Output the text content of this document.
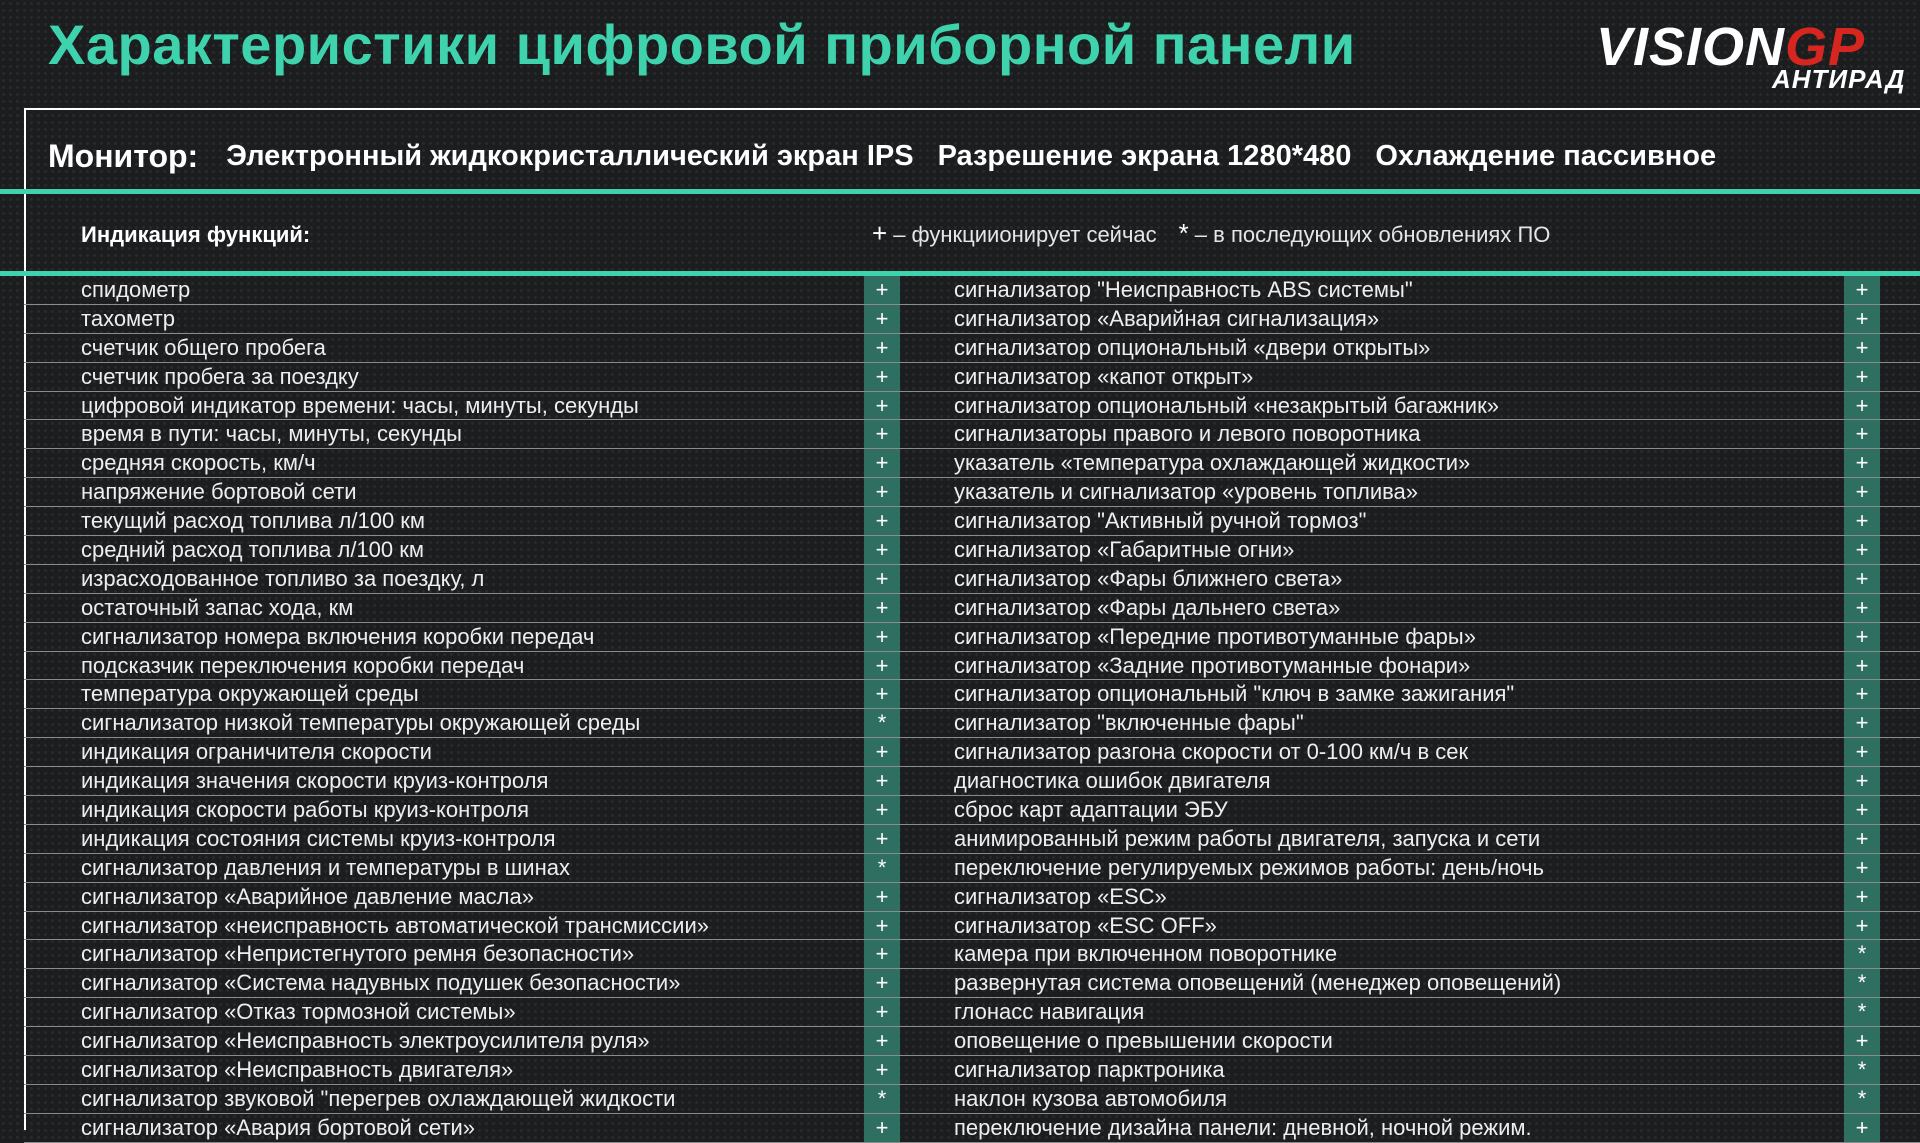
Характеристики цифровой приборной панели	VISIONGP
АНТИРАД
Монитор: Электронный жидкокристаллический экран IPS Разрешение экрана 1280*480 Охлаждение пассивное
Индикация функций:	+ – функциионирует сейчас * – в последующих обновлениях ПО
спидометр	+	сигнализатор "Неисправность ABS системы"	+
тахометр	+	сигнализатор «Аварийная сигнализация»	+
счетчик общего пробега	+	сигнализатор опциональный «двери открыты»	+
счетчик пробега за поездку	+	сигнализатор «капот открыт»	+
цифровой индикатор времени: часы, минуты, секунды	+	сигнализатор опциональный «незакрытый багажник»	+
время в пути: часы, минуты, секунды	+	сигнализаторы правого и левого поворотника	+
средняя скорость, км/ч	+	указатель «температура охлаждающей жидкости»	+
напряжение бортовой сети	+	указатель и сигнализатор «уровень топлива»	+
текущий расход топлива л/100 км	+	сигнализатор "Активный ручной тормоз"	+
средний расход топлива л/100 км	+	сигнализатор «Габаритные огни»	+
израсходованное топливо за поездку, л	+	сигнализатор «Фары ближнего света»	+
остаточный запас хода, км	+	сигнализатор «Фары дальнего света»	+
сигнализатор номера включения коробки передач	+	сигнализатор «Передние противотуманные фары»	+
подсказчик переключения коробки передач	+	сигнализатор «Задние противотуманные фонари»	+
температура окружающей среды	+	сигнализатор опциональный "ключ в замке зажигания"	+
сигнализатор низкой температуры окружающей среды	*	сигнализатор "включенные фары"	+
индикация ограничителя скорости	+	сигнализатор разгона скорости от 0-100 км/ч в сек	+
индикация значения скорости круиз-контроля	+	диагностика ошибок двигателя	+
индикация скорости работы круиз-контроля	+	сброс карт адаптации ЭБУ	+
индикация состояния системы круиз-контроля	+	анимированный режим работы двигателя, запуска и сети	+
сигнализатор давления и температуры в шинах	*	переключение регулируемых режимов работы: день/ночь	+
сигнализатор «Аварийное давление масла»	+	сигнализатор «ESC»	+
сигнализатор «неисправность автоматической трансмиссии»	+	сигнализатор «ESC OFF»	+
сигнализатор «Непристегнутого ремня безопасности»	+	камера при включенном поворотнике	*
сигнализатор «Система надувных подушек безопасности»	+	развернутая система оповещений (менеджер оповещений)	*
сигнализатор «Отказ тормозной системы»	+	глонасс навигация	*
сигнализатор «Неисправность электроусилителя руля»	+	оповещение о превышении скорости	+
сигнализатор «Неисправность двигателя»	+	сигнализатор парктроника	*
сигнализатор звуковой "перегрев охлаждающей жидкости	*	наклон кузова автомобиля	*
сигнализатор «Авария бортовой сети»	+	переключение дизайна панели: дневной, ночной режим.	+
